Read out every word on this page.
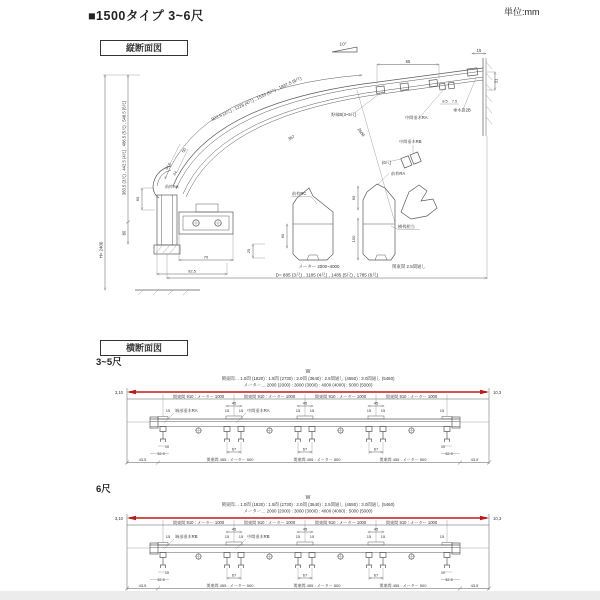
■1500タイプ 3~6尺	単位:mm
10°
15
65
31
8.5 7.5
垂木掛2B
野縁B(3~5尺)
中間垂木RA
中間垂木RB
(6尺)
前枠RA
923.5 (3尺) , 1228 (4尺) , 1533 (5尺) , 1837.5 (6尺)
2600
367
50
34.5
24
383.5 (3尺) , 442.5 (4尺) , 486.5 (5尺) , 548.5 (6尺)
80
H= 2400
前枠RB
60
70
92.5
前枠RC
60
25
メーター 2000~4000
60
150
横桟相当
関東間 2.5間通し
D= 885 (3尺) , 1185 (4尺) , 1485 (5尺) , 1785 (6尺)
縦断面図
横断面図
3~5尺
6尺
W
関東間… 1.0間 (1820) : 1.5間 (2730) : 2.0間 (3640) : 2.5間通し (4550) : 3.0間通し (5460)
メーター… 2000 (2000) : 3000 (3000) : 4000 (4000) : 5000 (5000)
3,10	10,3
関東間 910 : メーター 1000	関東間 910 : メーター 1000	関東間 910 : メーター 1000	関東間 910 : メーター 1000
45	45	45
15	15 15	15 15	15 15	15
端部垂木RA	中間垂木RA
67	67	67
10
32.5
10
32.5
43.5	関東間 455 : メーター 500	関東間 455 : メーター 500	関東間 455 : メーター 500	43.5
W
関東間… 1.0間 (1820) : 1.5間 (2730) : 2.0間 (3640) : 2.5間通し (4550) : 3.0間通し (5460)
メーター… 2000 (2000) : 3000 (3000) : 4000 (4000) : 5000 (5000)
3,10	10,3
関東間 910 : メーター 1000	関東間 910 : メーター 1000	関東間 910 : メーター 1000	関東間 910 : メーター 1000
45	45	45
15	15 15	15 15	15 15	15
端部垂木RB	中間垂木RB
67	67	67
10
32.5
10
32.5
43.5	関東間 455 : メーター 500	関東間 455 : メーター 500	関東間 455 : メーター 500	43.5
